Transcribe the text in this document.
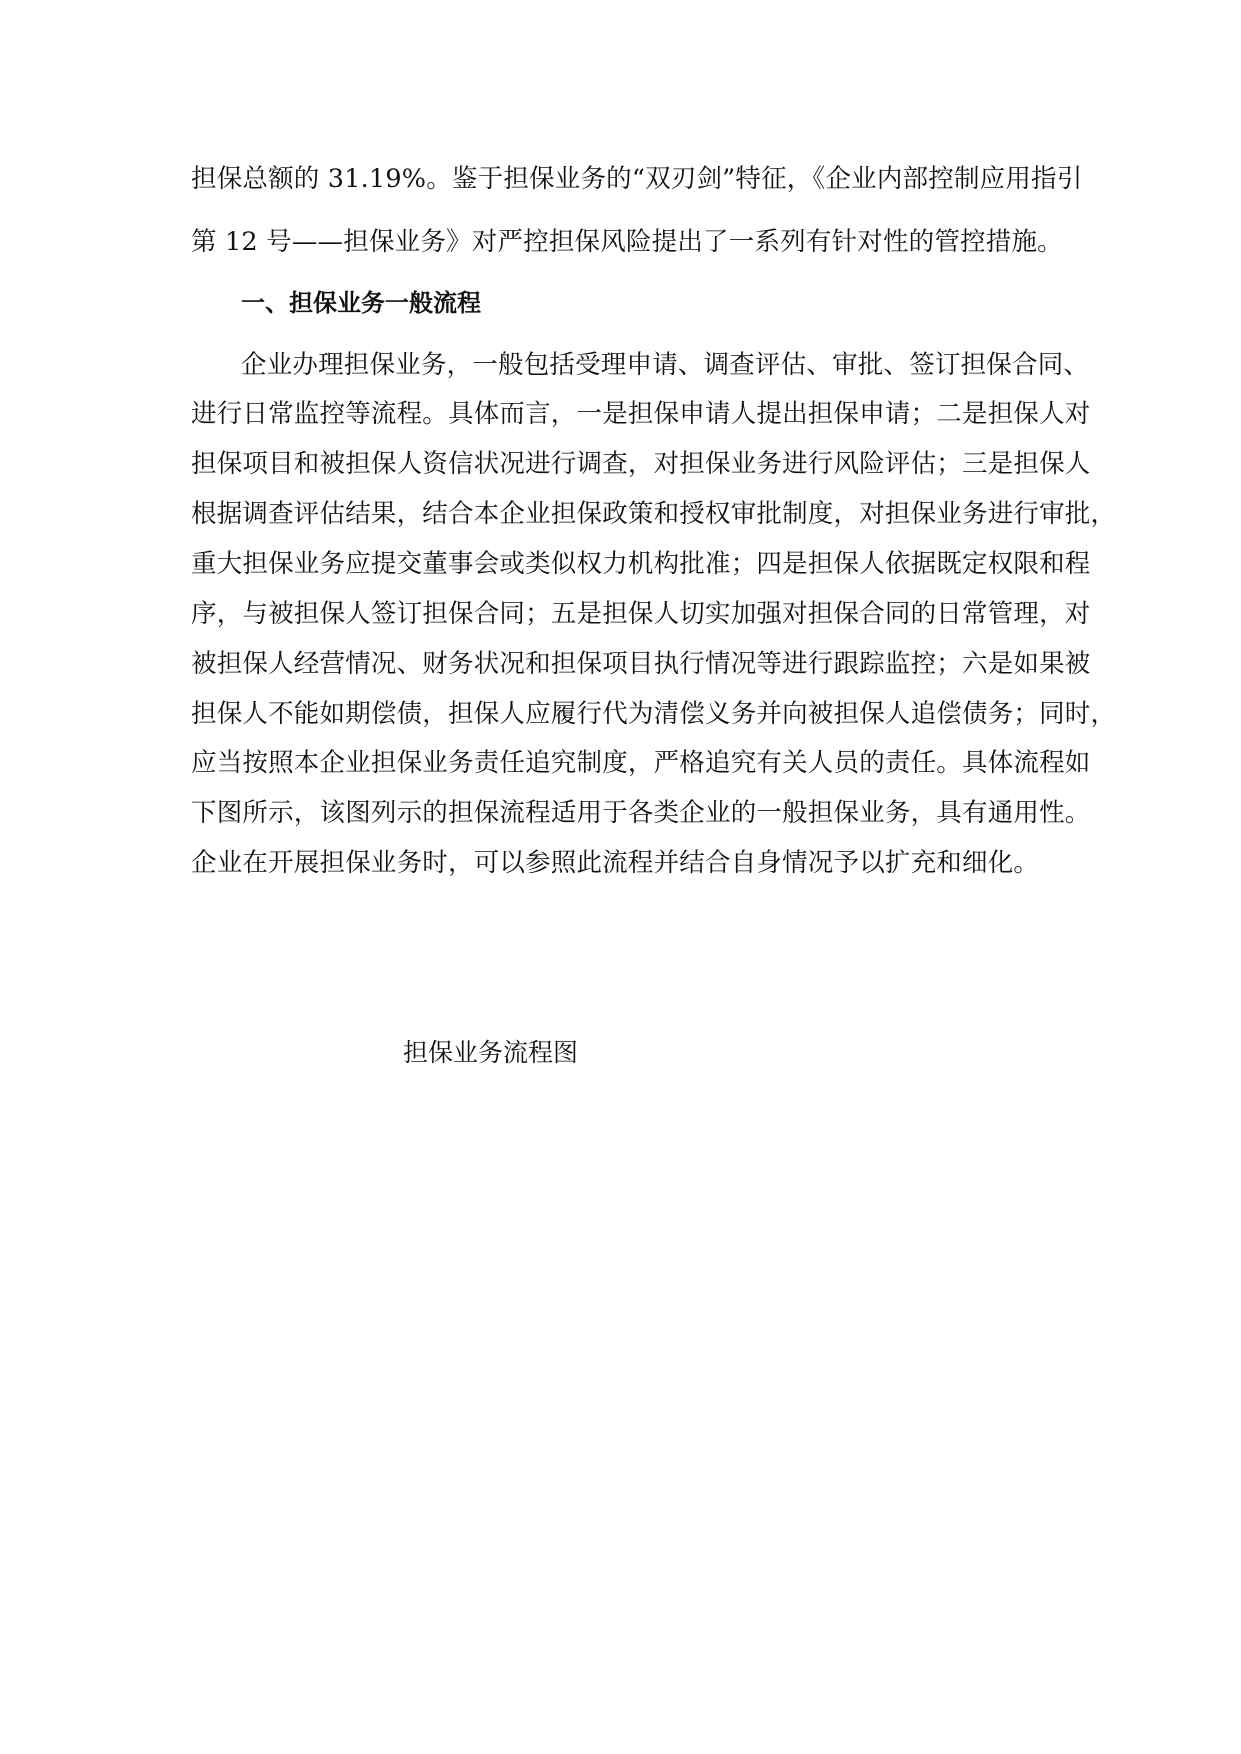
担保总额的 31.19%。鉴于担保业务的“双刃剑”特征，《企业内部控制应用指引
第 12 号——担保业务》对严控担保风险提出了一系列有针对性的管控措施。
一、担保业务一般流程
企业办理担保业务，一般包括受理申请、调查评估、审批、签订担保合同、
进行日常监控等流程。具体而言，一是担保申请人提出担保申请；二是担保人对
担保项目和被担保人资信状况进行调查，对担保业务进行风险评估；三是担保人
根据调查评估结果，结合本企业担保政策和授权审批制度，对担保业务进行审批，
重大担保业务应提交董事会或类似权力机构批准；四是担保人依据既定权限和程
序，与被担保人签订担保合同；五是担保人切实加强对担保合同的日常管理，对
被担保人经营情况、财务状况和担保项目执行情况等进行跟踪监控；六是如果被
担保人不能如期偿债，担保人应履行代为清偿义务并向被担保人追偿债务；同时，
应当按照本企业担保业务责任追究制度，严格追究有关人员的责任。具体流程如
下图所示，该图列示的担保流程适用于各类企业的一般担保业务，具有通用性。
企业在开展担保业务时，可以参照此流程并结合自身情况予以扩充和细化。
担保业务流程图
